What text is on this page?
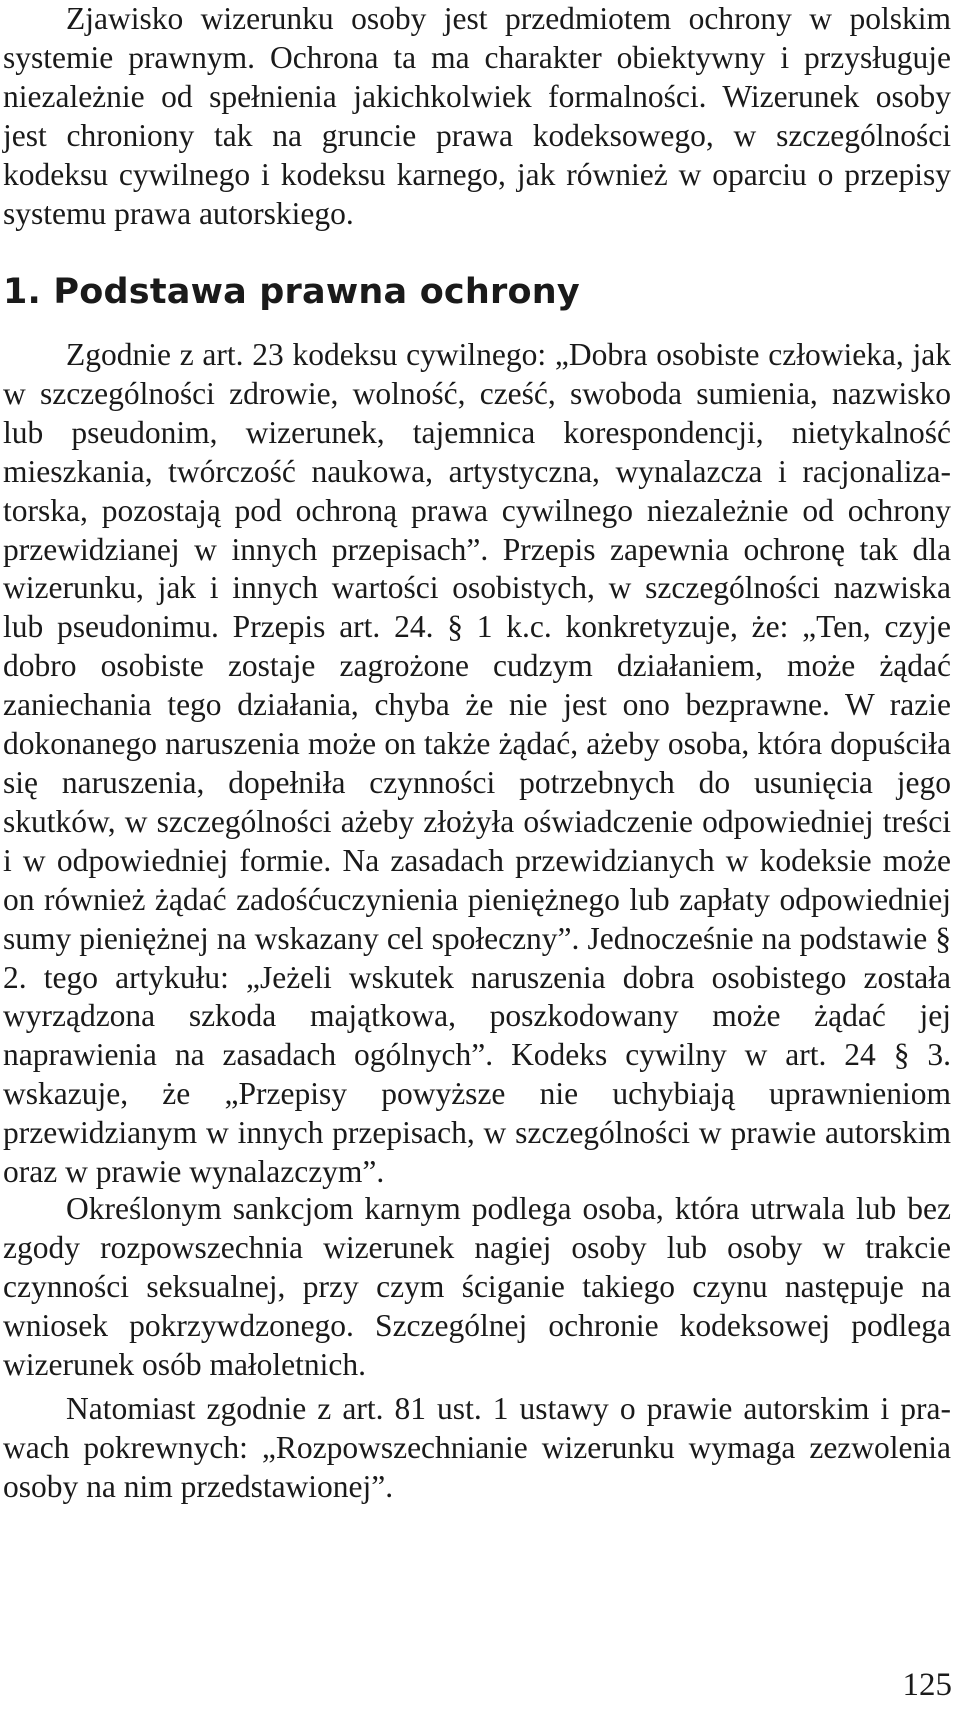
Zjawisko wizerunku osoby jest przedmiotem ochrony w polskim systemie prawnym. Ochrona ta ma charakter obiektywny i przysługuje niezależnie od spełnienia jakichkolwiek formalności. Wizerunek osoby jest chroniony tak na gruncie prawa kodeksowego, w szczególności kodeksu cywilnego i kodeksu karnego, jak również w oparciu o przepisy systemu prawa autorskiego.

1. Podstawa prawna ochrony

Zgodnie z art. 23 kodeksu cywilnego: „Dobra osobiste człowieka, jak w szczególności zdrowie, wolność, cześć, swoboda sumienia, nazwisko lub pseudonim, wizerunek, tajemnica korespondencji, nietykalność mieszkania, twórczość naukowa, artystyczna, wynalazcza i racjonalizatorska, pozostają pod ochroną prawa cywilnego niezależnie od ochrony przewidzianej w innych przepisach”. Przepis zapewnia ochronę tak dla wizerunku, jak i innych wartości osobistych, w szczególności nazwiska lub pseudonimu. Przepis art. 24. § 1 k.c. konkretyzuje, że: „Ten, czyje dobro osobiste zostaje zagrożone cudzym działaniem, może żądać zaniechania tego działania, chyba że nie jest ono bezprawne. W razie dokonanego naruszenia może on także żądać, ażeby osoba, która dopuściła się naruszenia, dopełniła czynności potrzebnych do usunięcia jego skutków, w szczególności ażeby złożyła oświadczenie odpowiedniej treści i w odpowiedniej formie. Na zasadach przewidzianych w kodeksie może on również żądać zadośćuczynienia pieniężnego lub zapłaty odpowiedniej sumy pieniężnej na wskazany cel społeczny”. Jednocześnie na podstawie § 2. tego artykułu: „Jeżeli wskutek naruszenia dobra osobistego została wyrządzona szkoda majątkowa, poszkodowany może żądać jej naprawienia na zasadach ogólnych”. Kodeks cywilny w art. 24 § 3. wskazuje, że „Przepisy powyższe nie uchybiają uprawnieniom przewidzianym w innych przepisach, w szczególności w prawie autorskim oraz w prawie wynalazczym”.

Określonym sankcjom karnym podlega osoba, która utrwala lub bez zgody rozpowszechnia wizerunek nagiej osoby lub osoby w trakcie czynności seksualnej, przy czym ściganie takiego czynu następuje na wniosek pokrzywdzonego. Szczególnej ochronie kodeksowej podlega wizerunek osób małoletnich.

Natomiast zgodnie z art. 81 ust. 1 ustawy o prawie autorskim i prawach pokrewnych: „Rozpowszechnianie wizerunku wymaga zezwolenia osoby na nim przedstawionej”.

125
